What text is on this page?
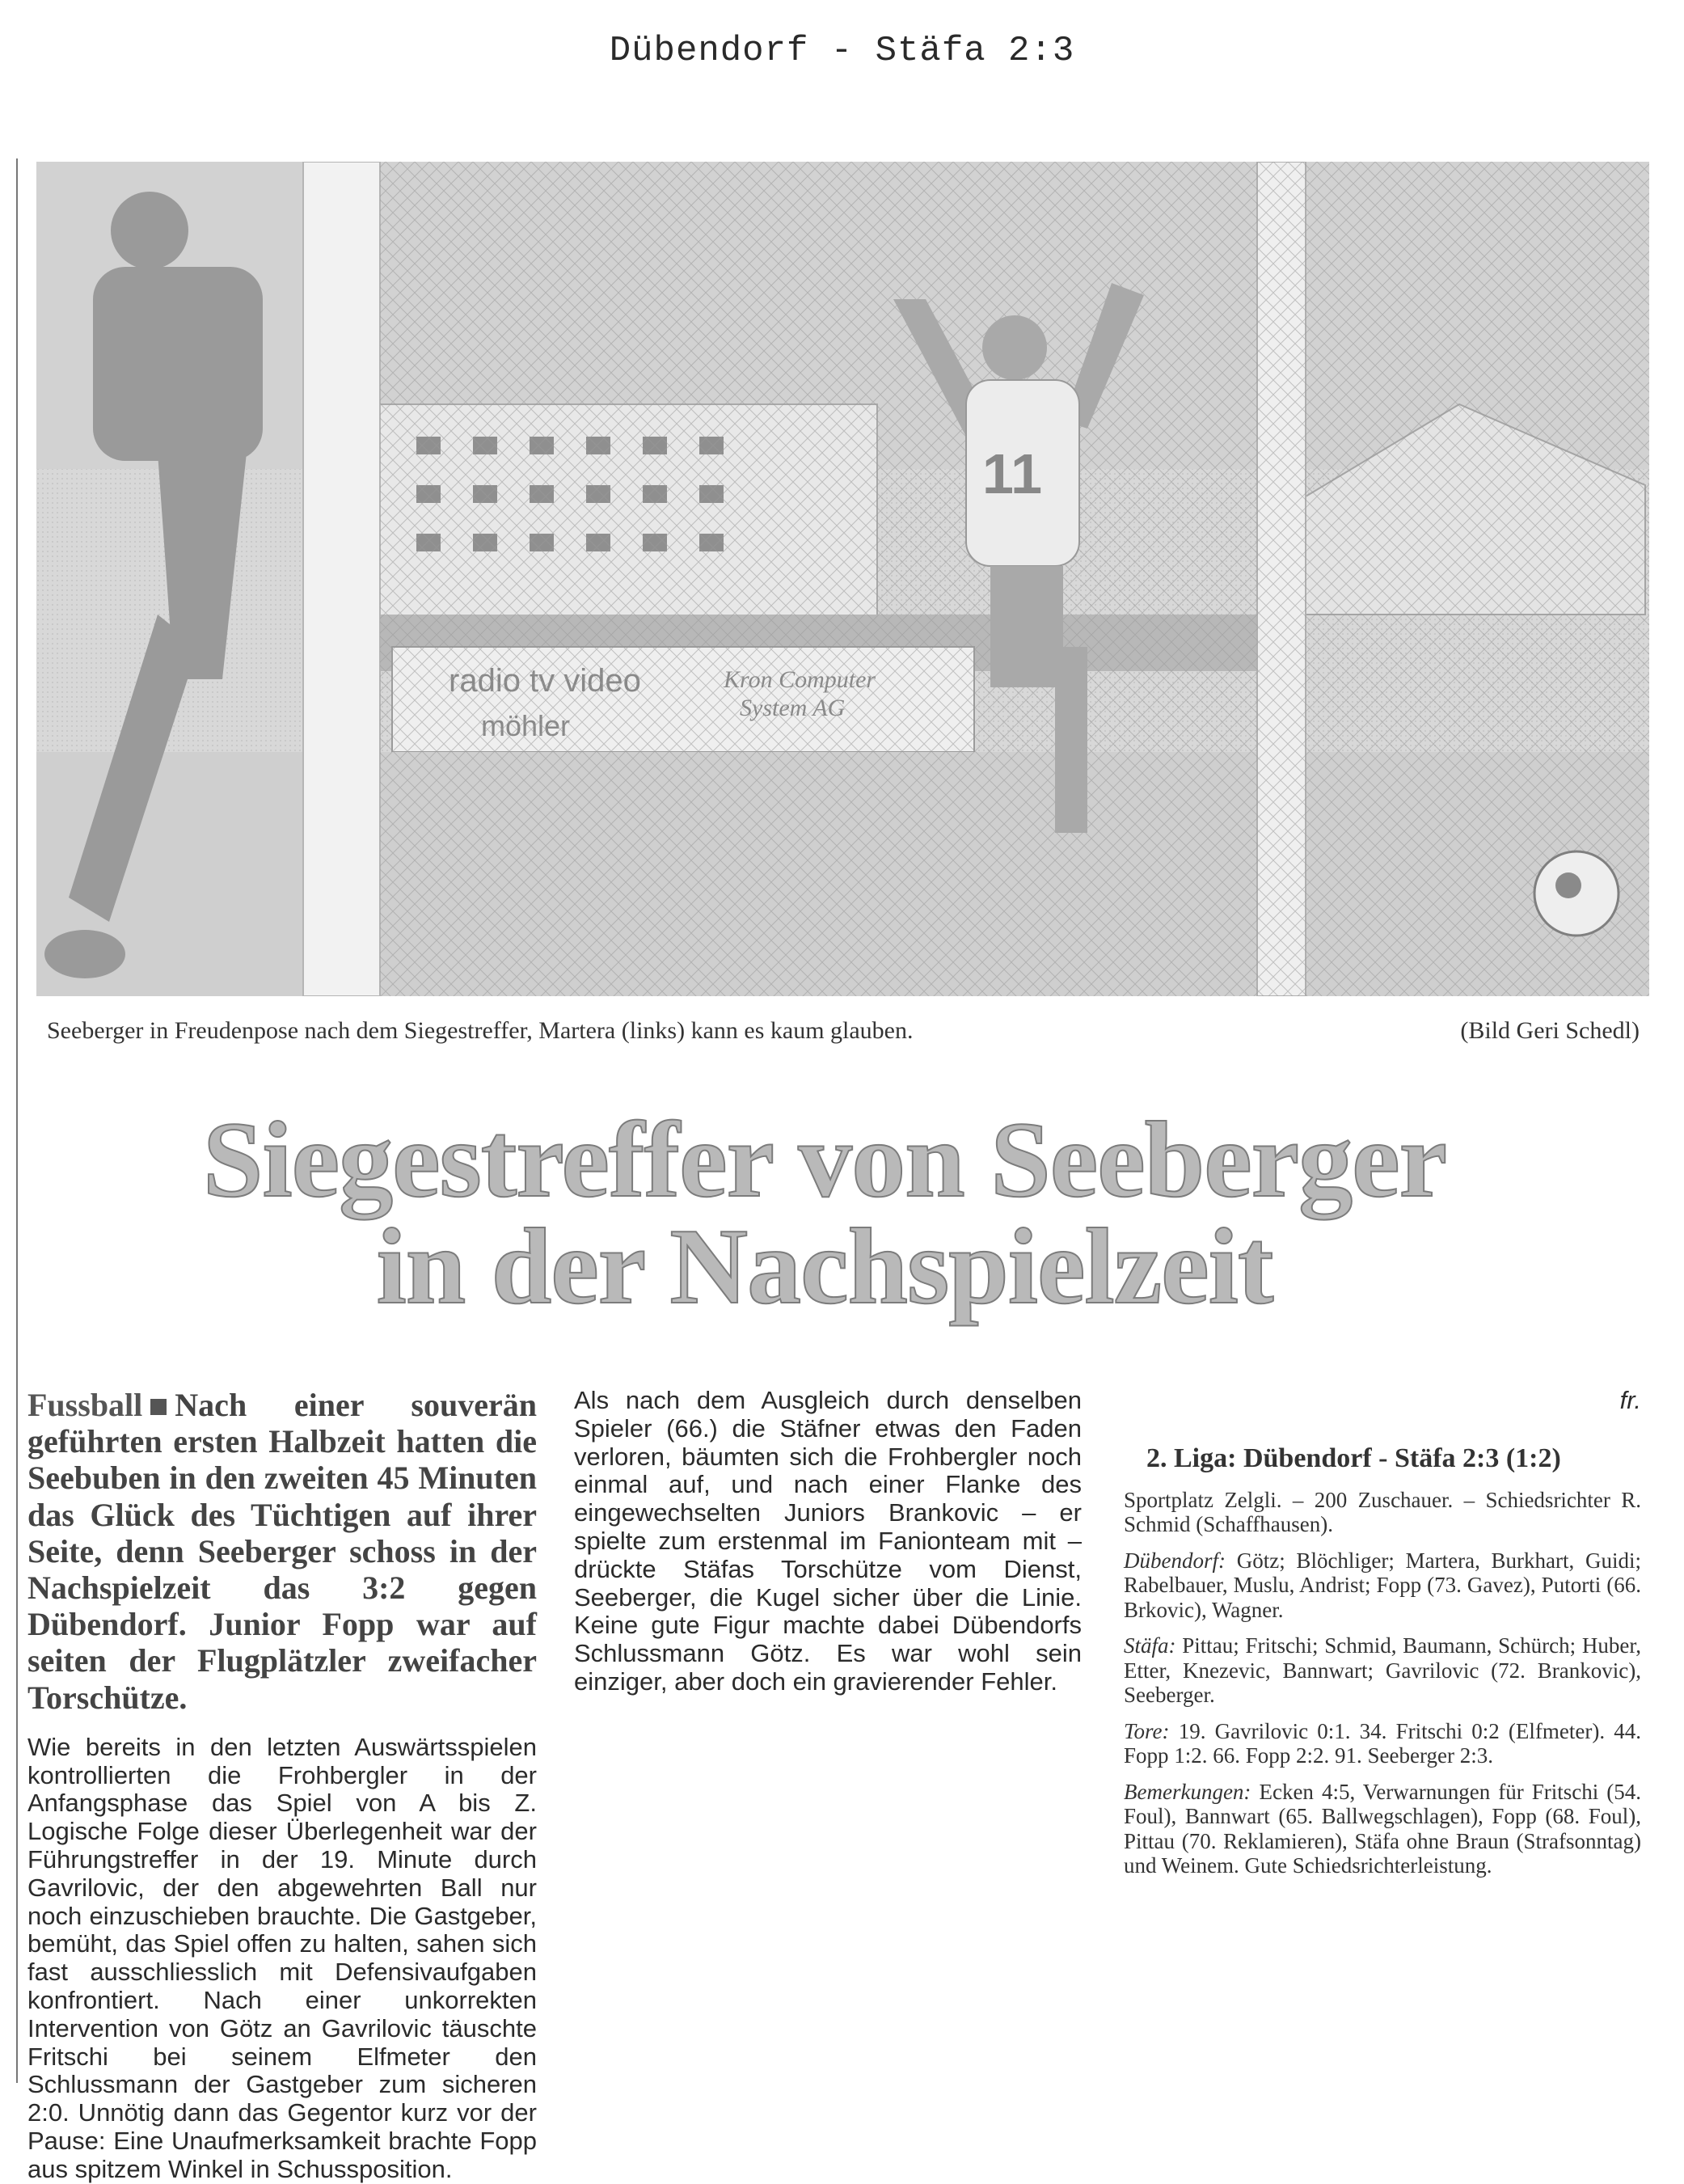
Dübendorf - Stäfa 2:3
11
Seeberger in Freudenpose nach dem Siegestreffer, Martera (links) kann es kaum glauben.	(Bild Geri Schedl)
Siegestreffer von Seeberger
in der Nachspielzeit

Fussball Nach einer souverän geführten ersten Halbzeit hatten die Seebuben in den zweiten 45 Minuten das Glück des Tüchtigen auf ihrer Seite, denn Seeberger schoss in der Nachspielzeit das 3:2 gegen Dübendorf. Junior Fopp war auf seiten der Flugplätzler zweifacher Torschütze.

Wie bereits in den letzten Auswärtsspielen kontrollierten die Frohbergler in der Anfangsphase das Spiel von A bis Z. Logische Folge dieser Überlegenheit war der Führungstreffer in der 19. Minute durch Gavrilovic, der den abgewehrten Ball nur noch einzuschieben brauchte. Die Gastgeber, bemüht, das Spiel offen zu halten, sahen sich fast ausschliesslich mit Defensivaufgaben konfrontiert. Nach einer unkorrekten Intervention von Götz an Gavrilovic täuschte Fritschi bei seinem Elfmeter den Schlussmann der Gastgeber zum sicheren 2:0. Unnötig dann das Gegentor kurz vor der Pause: Eine Unaufmerksamkeit brachte Fopp aus spitzem Winkel in Schussposition.

Als nach dem Ausgleich durch denselben Spieler (66.) die Stäfner etwas den Faden verloren, bäumten sich die Frohbergler noch einmal auf, und nach einer Flanke des eingewechselten Juniors Brankovic – er spielte zum erstenmal im Fanionteam mit – drückte Stäfas Torschütze vom Dienst, Seeberger, die Kugel sicher über die Linie. Keine gute Figur machte dabei Dübendorfs Schlussmann Götz. Es war wohl sein einziger, aber doch ein gravierender Fehler.

fr.

2. Liga: Dübendorf - Stäfa 2:3 (1:2)
Sportplatz Zelgli. – 200 Zuschauer. – Schiedsrichter R. Schmid (Schaffhausen).
Dübendorf: Götz; Blöchliger; Martera, Burkhart, Guidi; Rabelbauer, Muslu, Andrist; Fopp (73. Gavez), Putorti (66. Brkovic), Wagner.
Stäfa: Pittau; Fritschi; Schmid, Baumann, Schürch; Huber, Etter, Knezevic, Bannwart; Gavrilovic (72. Brankovic), Seeberger.
Tore: 19. Gavrilovic 0:1. 34. Fritschi 0:2 (Elfmeter). 44. Fopp 1:2. 66. Fopp 2:2. 91. Seeberger 2:3.
Bemerkungen: Ecken 4:5, Verwarnungen für Fritschi (54. Foul), Bannwart (65. Ballwegschlagen), Fopp (68. Foul), Pittau (70. Reklamieren), Stäfa ohne Braun (Strafsonntag) und Weinem. Gute Schiedsrichterleistung.
